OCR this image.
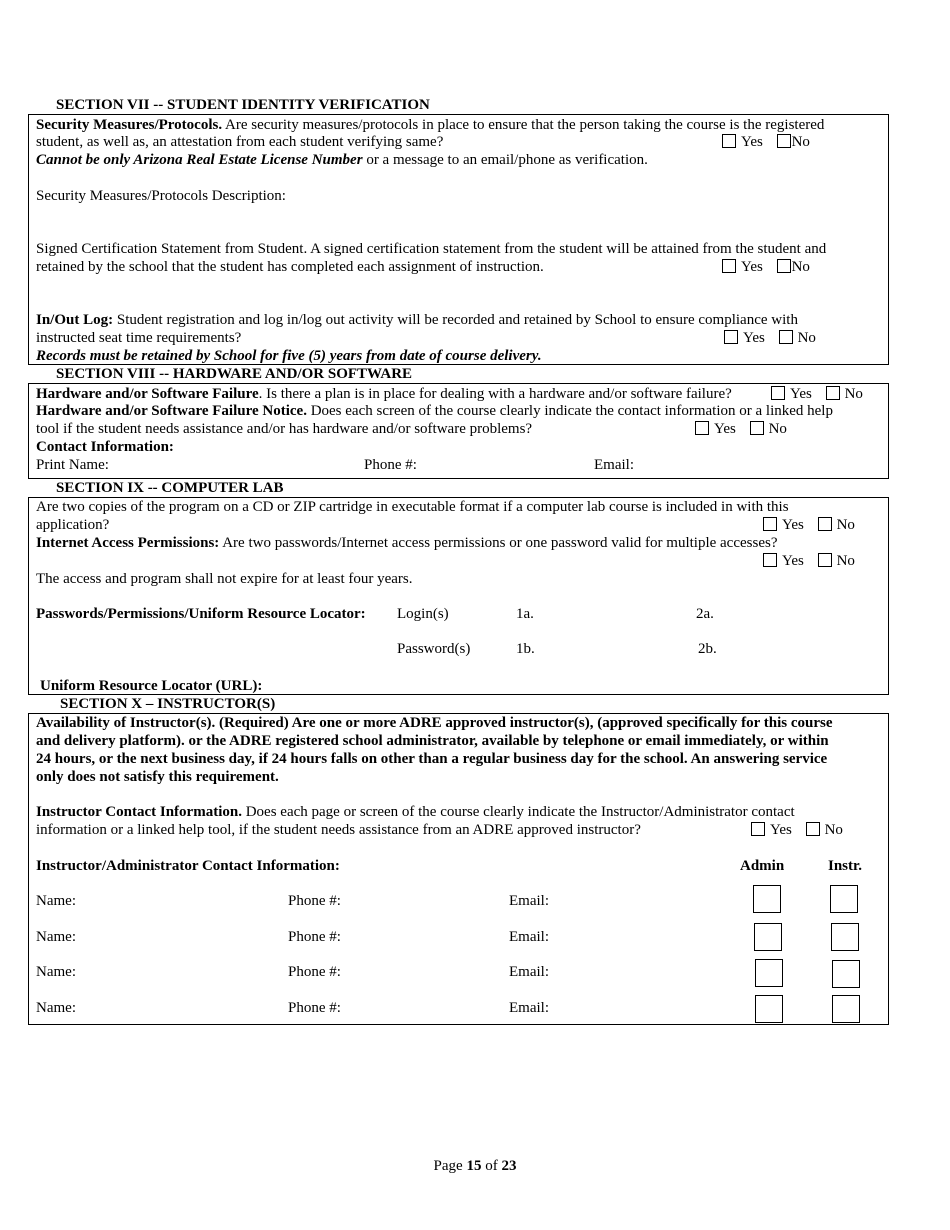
SECTION VII -- STUDENT IDENTITY VERIFICATION
Security Measures/Protocols. Are security measures/protocols in place to ensure that the person taking the course is the registered
student, as well as, an attestation from each student verifying same?	Yes No
Cannot be only Arizona Real Estate License Number or a message to an email/phone as verification.
Security Measures/Protocols Description:
Signed Certification Statement from Student. A signed certification statement from the student will be attained from the student and
retained by the school that the student has completed each assignment of instruction.	Yes No
In/Out Log: Student registration and log in/log out activity will be recorded and retained by School to ensure compliance with
instructed seat time requirements?	Yes No
Records must be retained by School for five (5) years from date of course delivery.
SECTION VIII -- HARDWARE AND/OR SOFTWARE
Hardware and/or Software Failure. Is there a plan is in place for dealing with a hardware and/or software failure?	Yes No
Hardware and/or Software Failure Notice. Does each screen of the course clearly indicate the contact information or a linked help
tool if the student needs assistance and/or has hardware and/or software problems?	Yes No
Contact Information:
Print Name:	Phone #:	Email:
SECTION IX -- COMPUTER LAB
Are two copies of the program on a CD or ZIP cartridge in executable format if a computer lab course is included in with this
application?	Yes No
Internet Access Permissions: Are two passwords/Internet access permissions or one password valid for multiple accesses?
Yes No
The access and program shall not expire for at least four years.
Passwords/Permissions/Uniform Resource Locator: Login(s)	1a.	2a.
Password(s)	1b.	2b.
Uniform Resource Locator (URL):
SECTION X – INSTRUCTOR(S)
Availability of Instructor(s). (Required) Are one or more ADRE approved instructor(s), (approved specifically for this course
and delivery platform). or the ADRE registered school administrator, available by telephone or email immediately, or within
24 hours, or the next business day, if 24 hours falls on other than a regular business day for the school. An answering service
only does not satisfy this requirement.
Instructor Contact Information. Does each page or screen of the course clearly indicate the Instructor/Administrator contact
information or a linked help tool, if the student needs assistance from an ADRE approved instructor?	Yes No
Instructor/Administrator Contact Information:	Admin	Instr.
Name:	Phone #:	Email:
Name:	Phone #:	Email:
Name:	Phone #:	Email:
Name:	Phone #:	Email:
Page 15 of 23
